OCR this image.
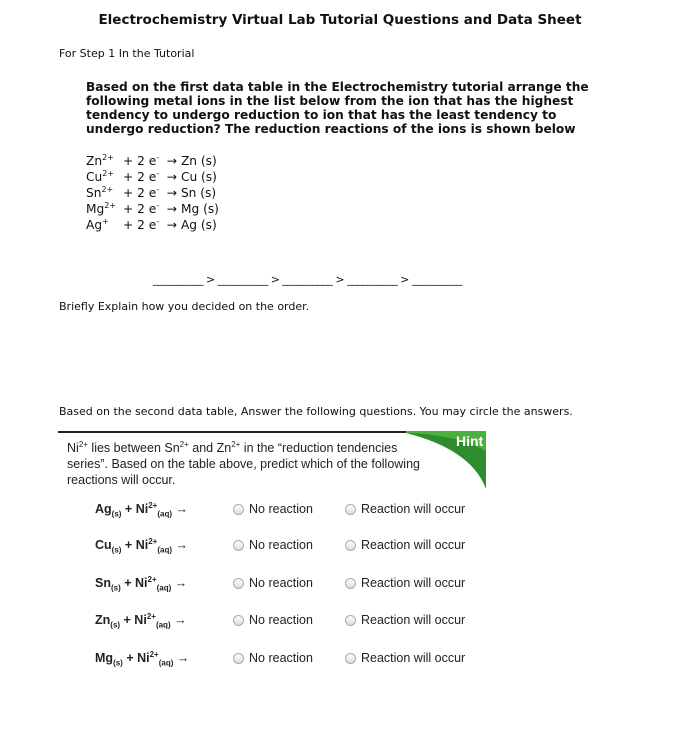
Electrochemistry Virtual Lab Tutorial Questions and Data Sheet
For Step 1 In the Tutorial
Based on the first data table in the Electrochemistry tutorial arrange the following metal ions in the list below from the ion that has the highest tendency to undergo reduction to ion that has the least tendency to undergo reduction? The reduction reactions of the ions is shown below
$Zn^{2+} + 2$ e- → Zn (s)
$Cu^{2+} + 2$ e- → Cu (s)
$Sn^{2+} + 2$ e- → Sn (s)
$Mg^{2+} + 2$ e- → Mg (s)
Ag+ + 2 e- → Ag (s)
__________ > __________ > __________ > __________ > __________
Briefly Explain how you decided on the order.
Based on the second data table, Answer the following questions. You may circle the answers.
Hint
$Ni^{2+}$ lies between $Sn^{2+}$ and $Zn^{2+}$ in the “reduction tendencies series”. Based on the table above, predict which of the following reactions will occur.
$Ag_{(s)} + Ni^{2+}_{(aq)}$ →	No reaction	Reaction will occur
$Cu_{(s)} + Ni^{2+}_{(aq)}$ →	No reaction	Reaction will occur
$Sn_{(s)} + Ni^{2+}_{(aq)}$ →	No reaction	Reaction will occur
$Zn_{(s)} + Ni^{2+}_{(aq)}$ →	No reaction	Reaction will occur
$Mg_{(s)} + Ni^{2+}_{(aq)}$ →	No reaction	Reaction will occur
